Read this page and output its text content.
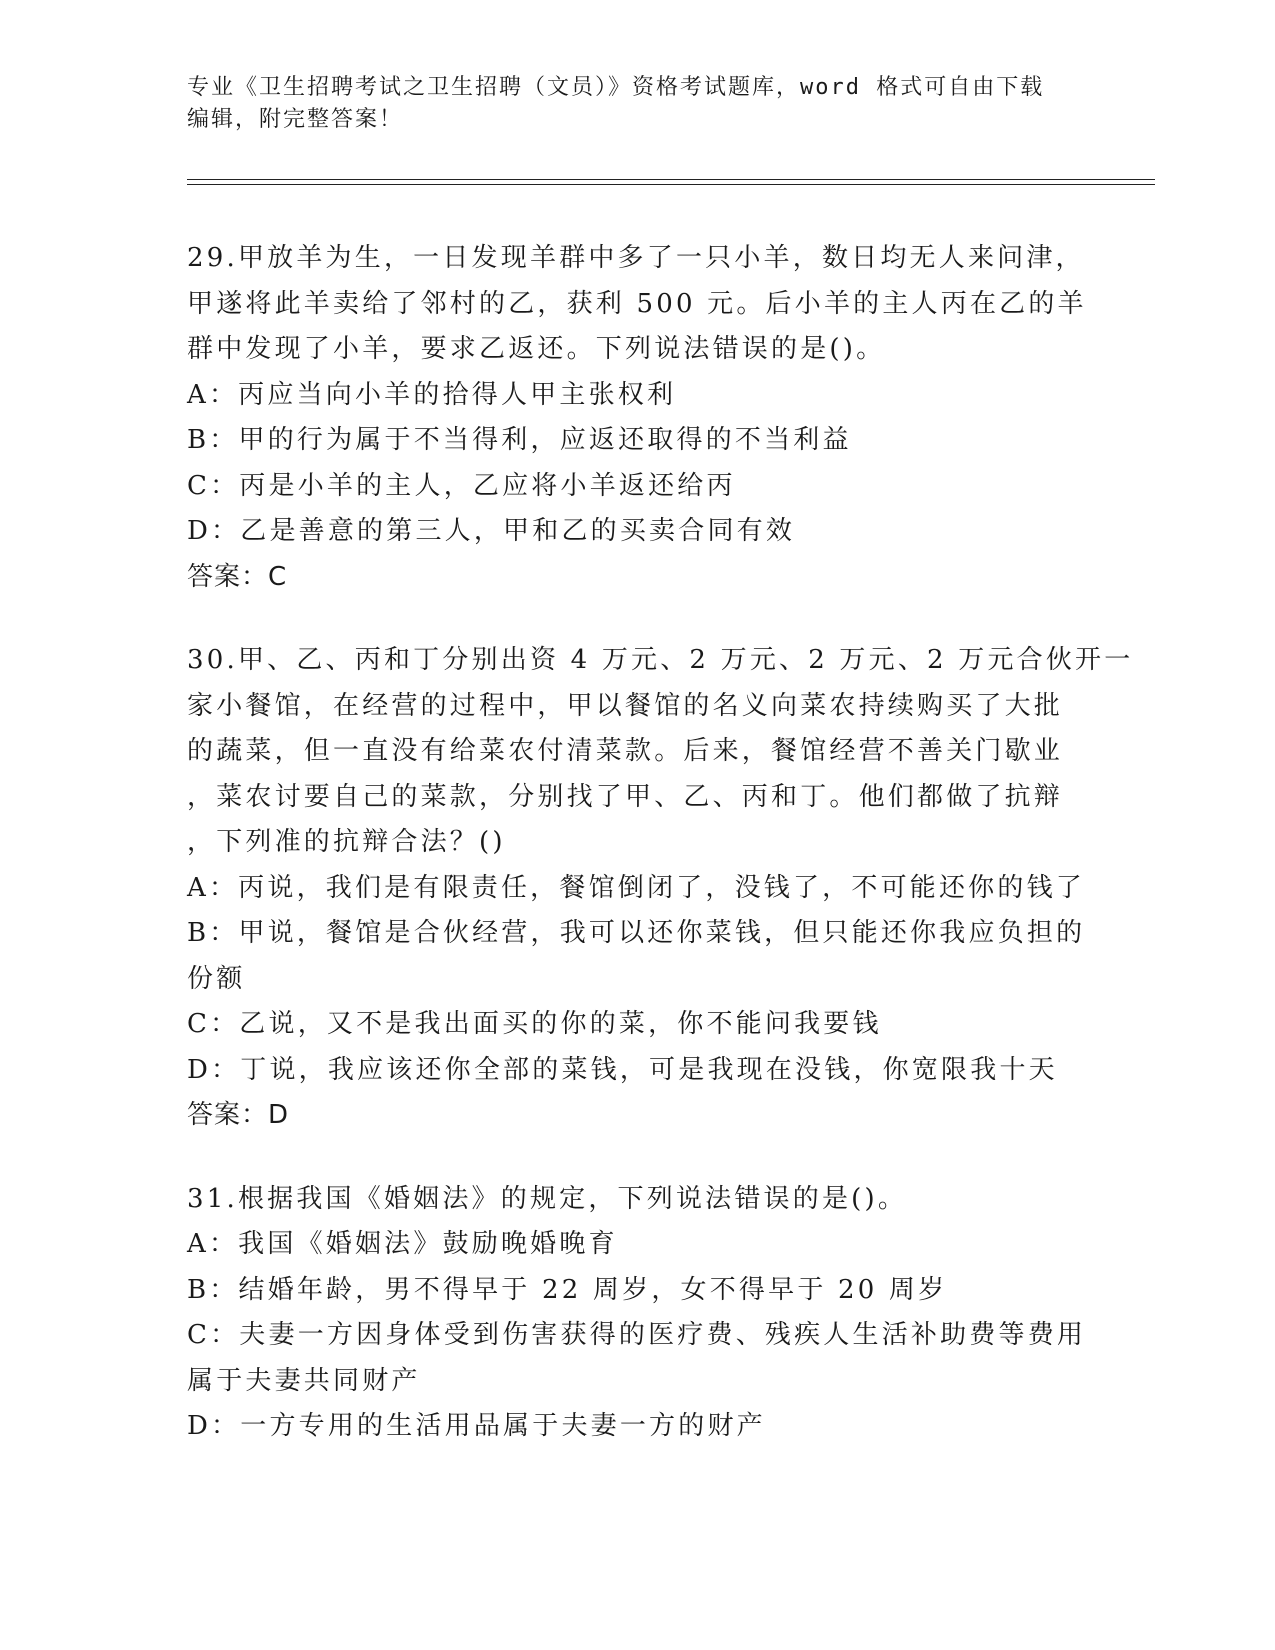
专业《卫生招聘考试之卫生招聘（文员）》资格考试题库，word 格式可自由下载
编辑，附完整答案！
29.甲放羊为生，一日发现羊群中多了一只小羊，数日均无人来问津，
甲遂将此羊卖给了邻村的乙，获利 500 元。后小羊的主人丙在乙的羊
群中发现了小羊，要求乙返还。下列说法错误的是()。
A：丙应当向小羊的拾得人甲主张权利
B：甲的行为属于不当得利，应返还取得的不当利益
C：丙是小羊的主人，乙应将小羊返还给丙
D：乙是善意的第三人，甲和乙的买卖合同有效
答案：C
30.甲、乙、丙和丁分别出资 4 万元、2 万元、2 万元、2 万元合伙开一
家小餐馆，在经营的过程中，甲以餐馆的名义向菜农持续购买了大批
的蔬菜，但一直没有给菜农付清菜款。后来，餐馆经营不善关门歇业
，菜农讨要自己的菜款，分别找了甲、乙、丙和丁。他们都做了抗辩
，下列准的抗辩合法？()
A：丙说，我们是有限责任，餐馆倒闭了，没钱了，不可能还你的钱了
B：甲说，餐馆是合伙经营，我可以还你菜钱，但只能还你我应负担的
份额
C：乙说，又不是我出面买的你的菜，你不能问我要钱
D：丁说，我应该还你全部的菜钱，可是我现在没钱，你宽限我十天
答案：D
31.根据我国《婚姻法》的规定，下列说法错误的是()。
A：我国《婚姻法》鼓励晚婚晚育
B：结婚年龄，男不得早于 22 周岁，女不得早于 20 周岁
C：夫妻一方因身体受到伤害获得的医疗费、残疾人生活补助费等费用
属于夫妻共同财产
D：一方专用的生活用品属于夫妻一方的财产
